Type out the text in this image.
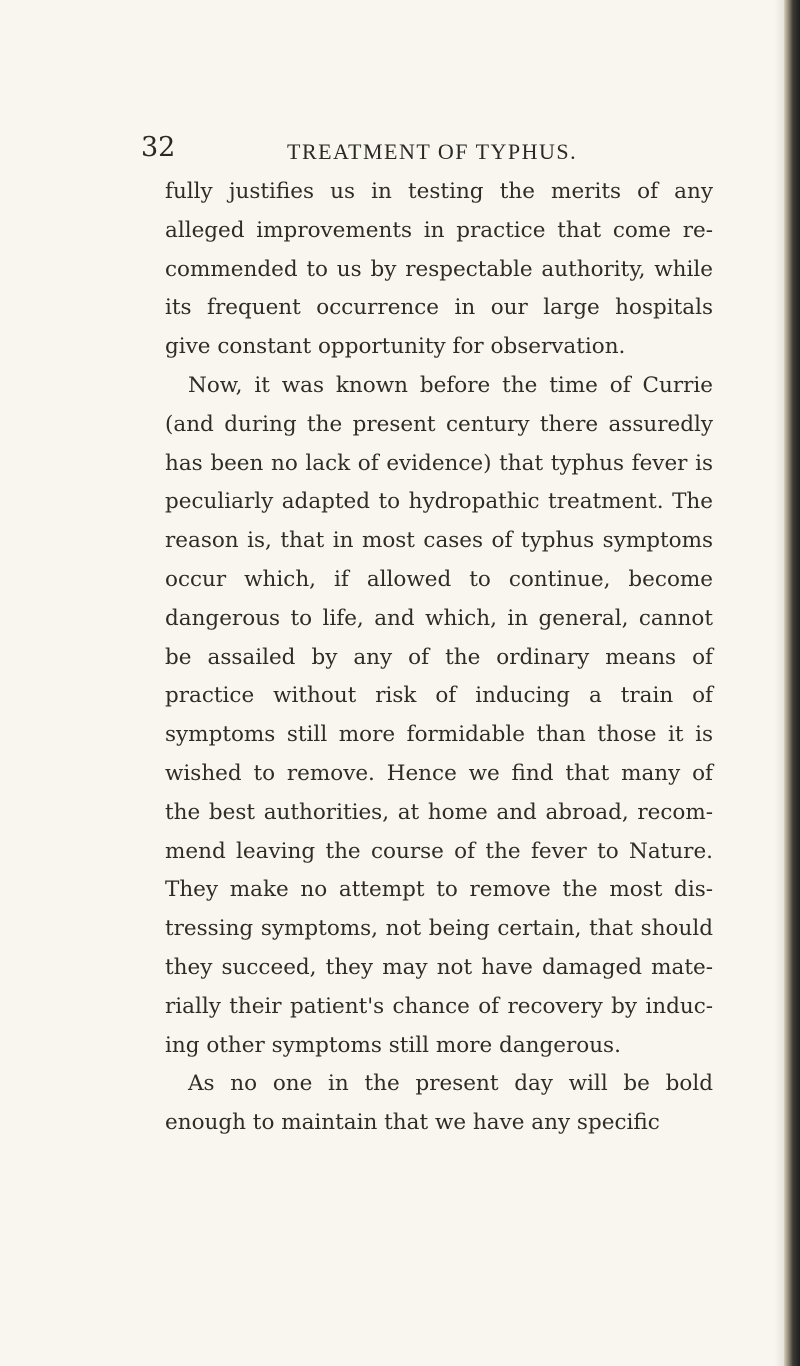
32	TREATMENT OF TYPHUS.

fully justifies us in testing the merits of any alleged improvements in practice that come re- commended to us by respectable authority, while its frequent occurrence in our large hospitals give constant opportunity for observation.

Now, it was known before the time of Currie (and during the present century there assuredly has been no lack of evidence) that typhus fever is peculiarly adapted to hydropathic treatment. The reason is, that in most cases of typhus symptoms occur which, if allowed to continue, become dangerous to life, and which, in general, cannot be assailed by any of the ordinary means of practice without risk of inducing a train of symptoms still more formidable than those it is wished to remove. Hence we find that many of the best authorities, at home and abroad, recom- mend leaving the course of the fever to Nature. They make no attempt to remove the most dis- tressing symptoms, not being certain, that should they succeed, they may not have damaged mate- rially their patient's chance of recovery by induc- ing other symptoms still more dangerous.

As no one in the present day will be bold enough to maintain that we have any specific
